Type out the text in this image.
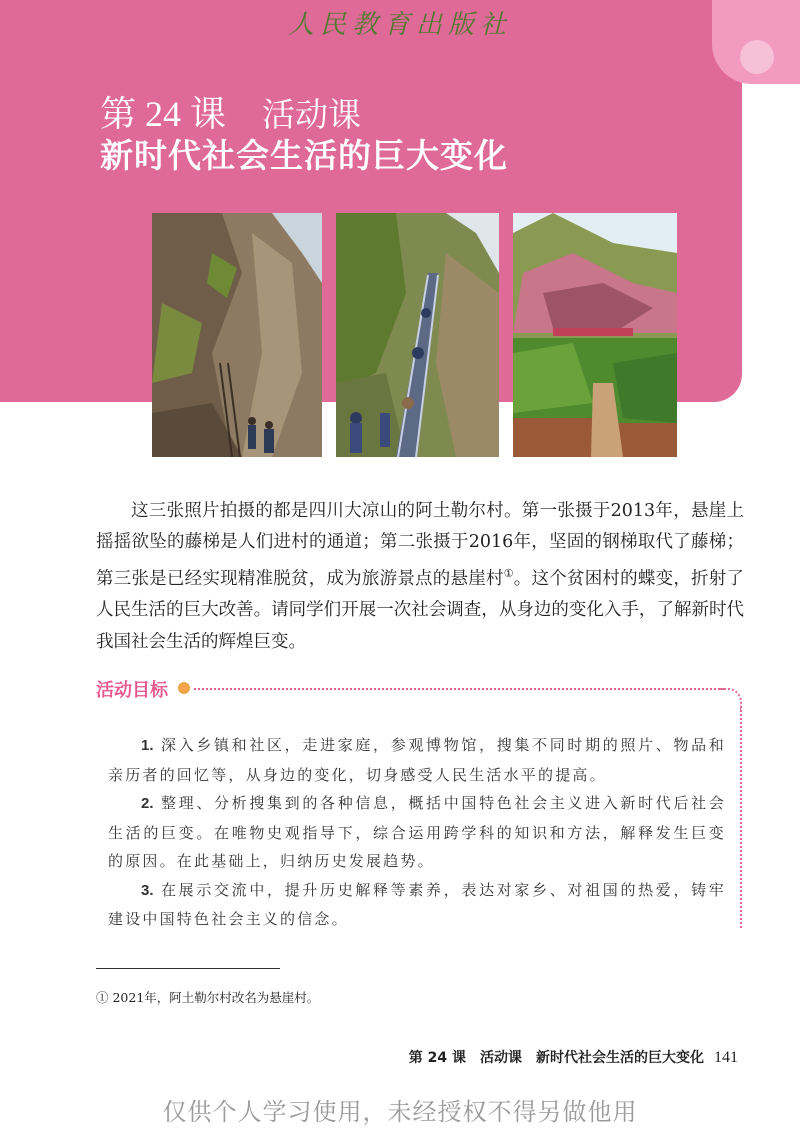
人民教育出版社
第 24 课 活动课
新时代社会生活的巨大变化
这三张照片拍摄的都是四川大凉山的阿土勒尔村。第一张摄于2013年，悬崖上摇摇欲坠的藤梯是人们进村的通道；第二张摄于2016年，坚固的钢梯取代了藤梯；第三张是已经实现精准脱贫，成为旅游景点的悬崖村①。这个贫困村的蝶变，折射了人民生活的巨大改善。请同学们开展一次社会调查，从身边的变化入手，了解新时代我国社会生活的辉煌巨变。
活动目标

1. 深入乡镇和社区，走进家庭，参观博物馆，搜集不同时期的照片、物品和亲历者的回忆等，从身边的变化，切身感受人民生活水平的提高。

2. 整理、分析搜集到的各种信息，概括中国特色社会主义进入新时代后社会生活的巨变。在唯物史观指导下，综合运用跨学科的知识和方法，解释发生巨变的原因。在此基础上，归纳历史发展趋势。

3. 在展示交流中，提升历史解释等素养，表达对家乡、对祖国的热爱，铸牢建设中国特色社会主义的信念。

① 2021年，阿土勒尔村改名为悬崖村。
第 24 课　活动课　新时代社会生活的巨大变化 141
仅供个人学习使用，未经授权不得另做他用
